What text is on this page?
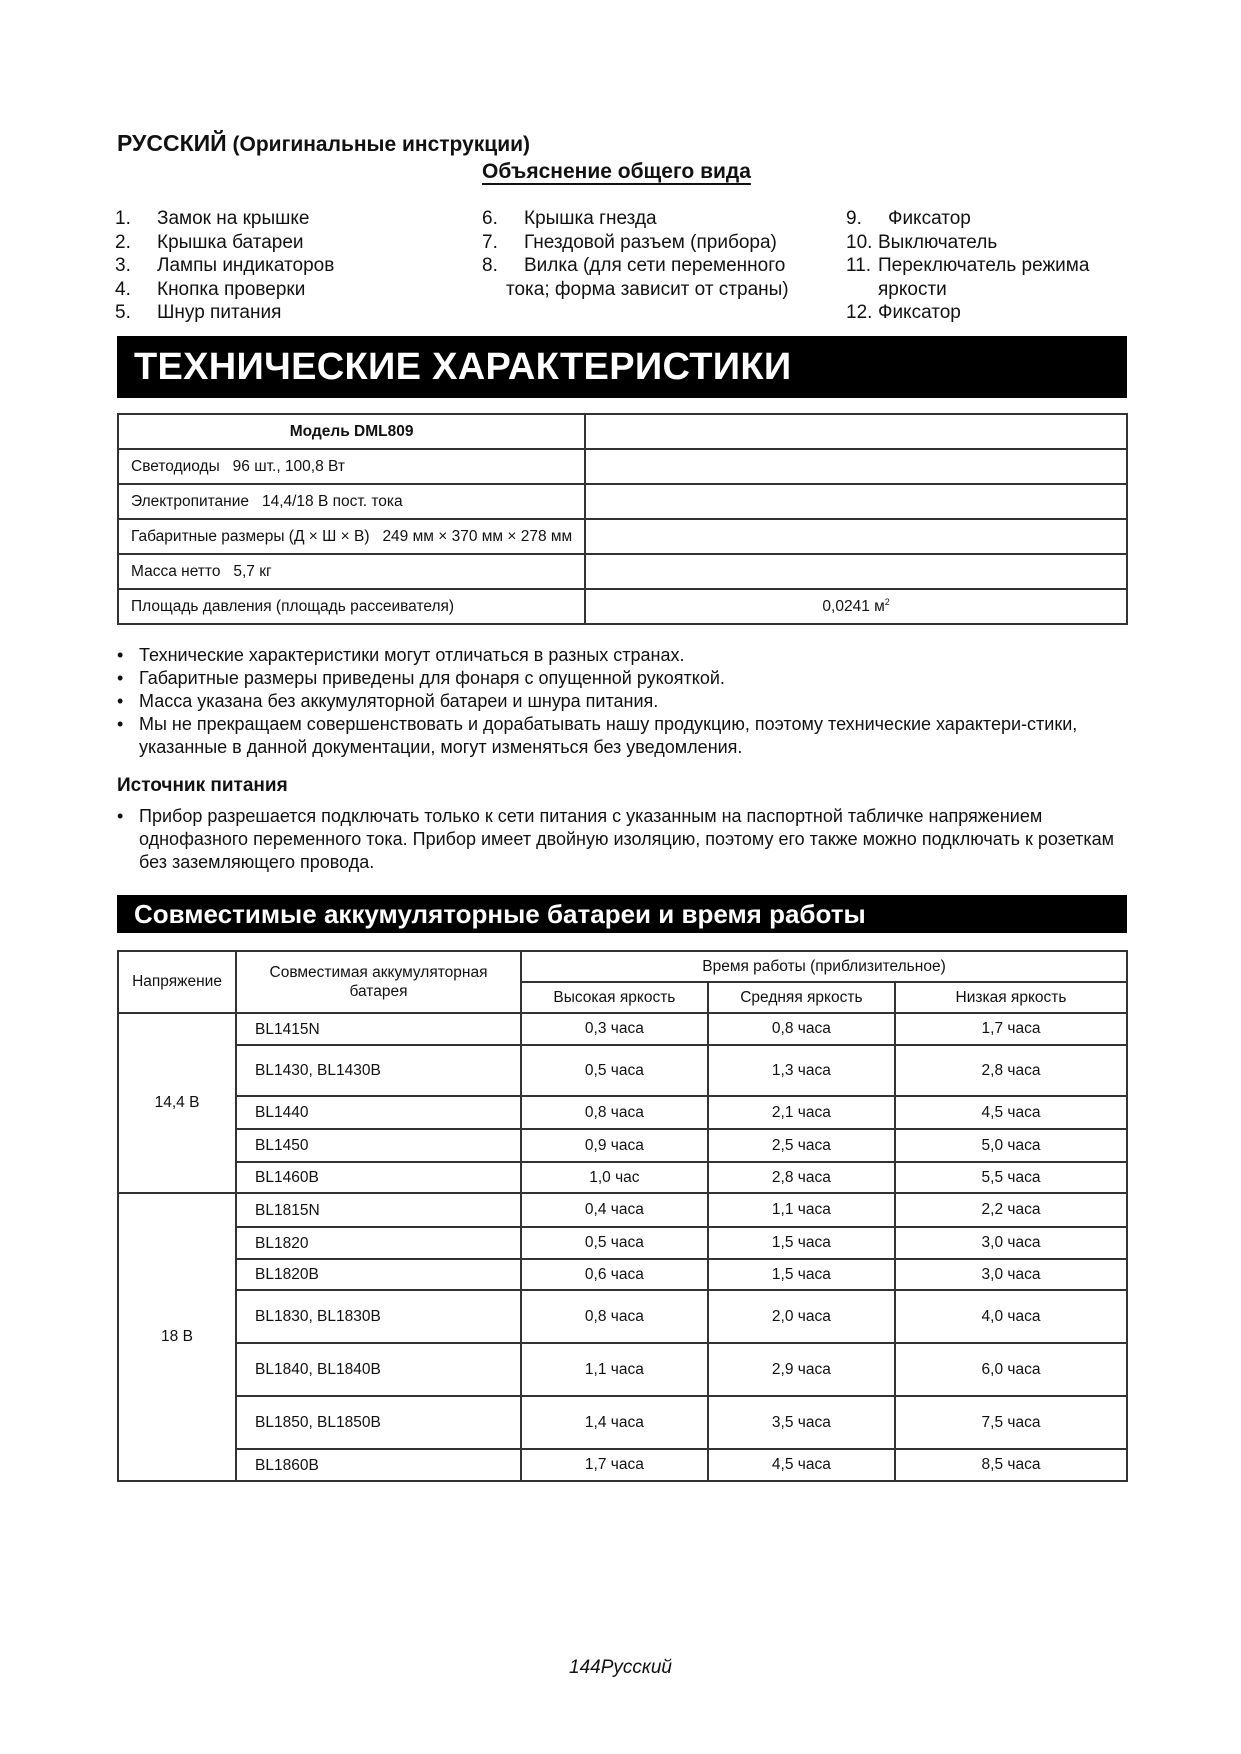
РУССКИЙ (Оригинальные инструкции)
Объяснение общего вида
1. Замок на крышке
2. Крышка батареи
3. Лампы индикаторов
4. Кнопка проверки
5. Шнур питания
6. Крышка гнезда
7. Гнездовой разъем (прибора)
8. Вилка (для сети переменного
тока; форма зависит от страны)
9. Фиксатор
10. Выключатель
11. Переключатель режима
яркости
12. Фиксатор
ТЕХНИЧЕСКИЕ ХАРАКТЕРИСТИКИ
Модель DML809	
Светодиоды 96 шт., 100,8 Вт	
Электропитание 14,4/18 В пост. тока	
Габаритные размеры (Д × Ш × В) 249 мм × 370 мм × 278 мм	
Масса нетто 5,7 кг	
Площадь давления (площадь рассеивателя)	0,0241 $м^2$
• Технические характеристики могут отличаться в разных странах.
• Габаритные размеры приведены для фонаря с опущенной рукояткой.
• Масса указана без аккумуляторной батареи и шнура питания.
• Мы не прекращаем совершенствовать и дорабатывать нашу продукцию, поэтому технические характери-стики, указанные в данной документации, могут изменяться без уведомления.
Источник питания
• Прибор разрешается подключать только к сети питания с указанным на паспортной табличке напряжением однофазного переменного тока. Прибор имеет двойную изоляцию, поэтому его также можно подключать к розеткам без заземляющего провода.
Совместимые аккумуляторные батареи и время работы
Напряжение	Совместимая аккумуляторная батарея	Время работы (приблизительное)		
		Высокая яркость	Средняя яркость	Низкая яркость
14,4 В	BL1415N	0,3 часа	0,8 часа	1,7 часа
	BL1430, BL1430B	0,5 часа	1,3 часа	2,8 часа
	BL1440	0,8 часа	2,1 часа	4,5 часа
	BL1450	0,9 часа	2,5 часа	5,0 часа
	BL1460B	1,0 час	2,8 часа	5,5 часа
18 В	BL1815N	0,4 часа	1,1 часа	2,2 часа
	BL1820	0,5 часа	1,5 часа	3,0 часа
	BL1820B	0,6 часа	1,5 часа	3,0 часа
	BL1830, BL1830B	0,8 часа	2,0 часа	4,0 часа
	BL1840, BL1840B	1,1 часа	2,9 часа	6,0 часа
	BL1850, BL1850B	1,4 часа	3,5 часа	7,5 часа
	BL1860B	1,7 часа	4,5 часа	8,5 часа
144Русский
